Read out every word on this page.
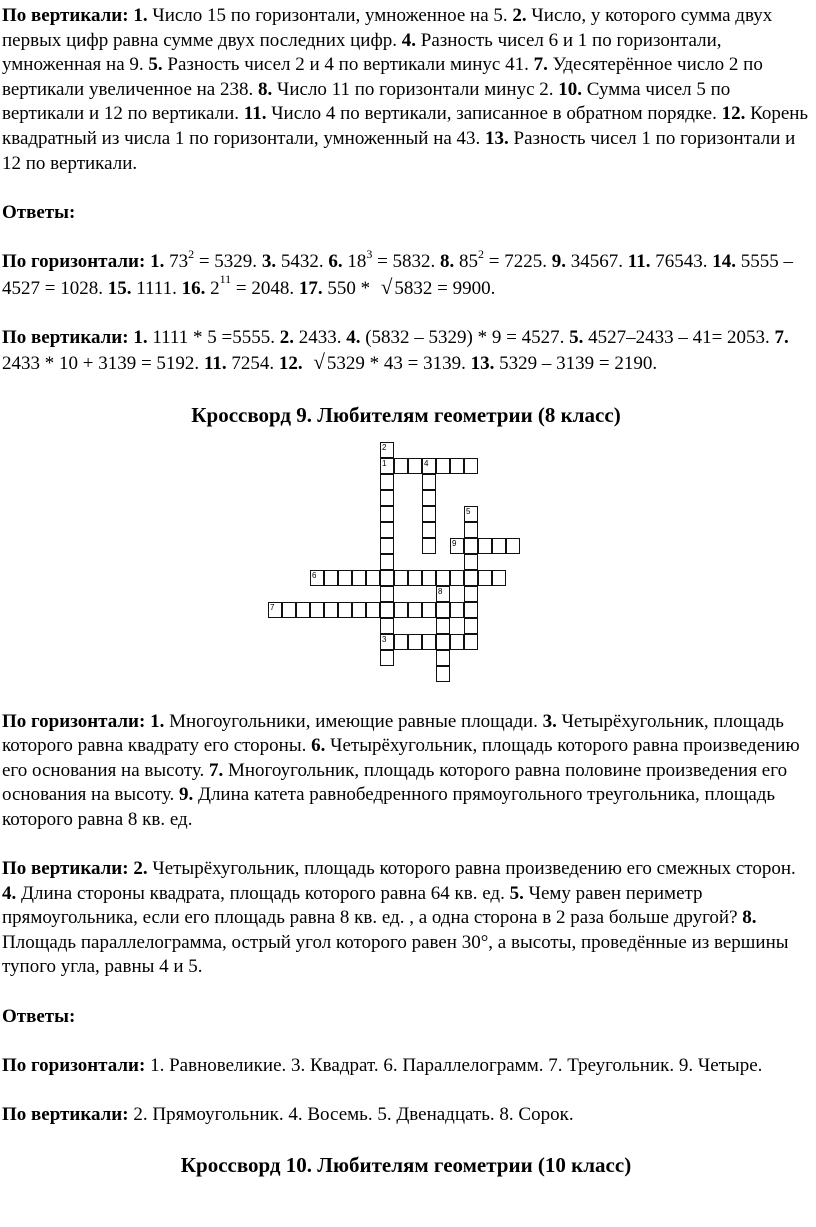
По вертикали: 1. Число 15 по горизонтали, умноженное на 5. 2. Число, у которого сумма двух первых цифр равна сумме двух последних цифр. 4. Разность чисел 6 и 1 по горизонтали, умноженная на 9. 5. Разность чисел 2 и 4 по вертикали минус 41. 7. Удесятерённое число 2 по вертикали увеличенное на 238. 8. Число 11 по горизонтали минус 2. 10. Сумма чисел 5 по вертикали и 12 по вертикали. 11. Число 4 по вертикали, записанное в обратном порядке. 12. Корень квадратный из числа 1 по горизонтали, умноженный на 43. 13. Разность чисел 1 по горизонтали и 12 по вертикали.

Ответы:

По горизонтали: 1. $73^2 = 5329$. 3. 5432. 6. $18^3 = 5832$. 8. $85^2 = 7225$. 9. 34567. 11. 76543. 14. 5555 – 4527 = 1028. 15. 1111. 16. $2^{11} = 2048$. 17. 550 * √ 5832 = 9900.

По вертикали: 1. 1111 * 5 =5555. 2. 2433. 4. (5832 – 5329) * 9 = 4527. 5. 4527–2433 – 41= 2053. 7. 2433 * 10 + 3139 = 5192. 11. 7254. 12. √ 5329 * 43 = 3139. 13. 5329 – 3139 = 2190.

Кроссворд 9. Любителям геометрии (8 класс)
2
1
3
4
5
9
6
7
8

По горизонтали: 1. Многоугольники, имеющие равные площади. 3. Четырёхугольник, площадь которого равна квадрату его стороны. 6. Четырёхугольник, площадь которого равна произведению его основания на высоту. 7. Многоугольник, площадь которого равна половине произведения его основания на высоту. 9. Длина катета равнобедренного прямоугольного треугольника, площадь которого равна 8 кв. ед.

По вертикали: 2. Четырёхугольник, площадь которого равна произведению его смежных сторон. 4. Длина стороны квадрата, площадь которого равна 64 кв. ед. 5. Чему равен периметр прямоугольника, если его площадь равна 8 кв. ед. , а одна сторона в 2 раза больше другой? 8. Площадь параллелограмма, острый угол которого равен 30°, а высоты, проведённые из вершины тупого угла, равны 4 и 5.

Ответы:

По горизонтали: 1. Равновеликие. 3. Квадрат. 6. Параллелограмм. 7. Треугольник. 9. Четыре.

По вертикали: 2. Прямоугольник. 4. Восемь. 5. Двенадцать. 8. Сорок.

Кроссворд 10. Любителям геометрии (10 класс)
